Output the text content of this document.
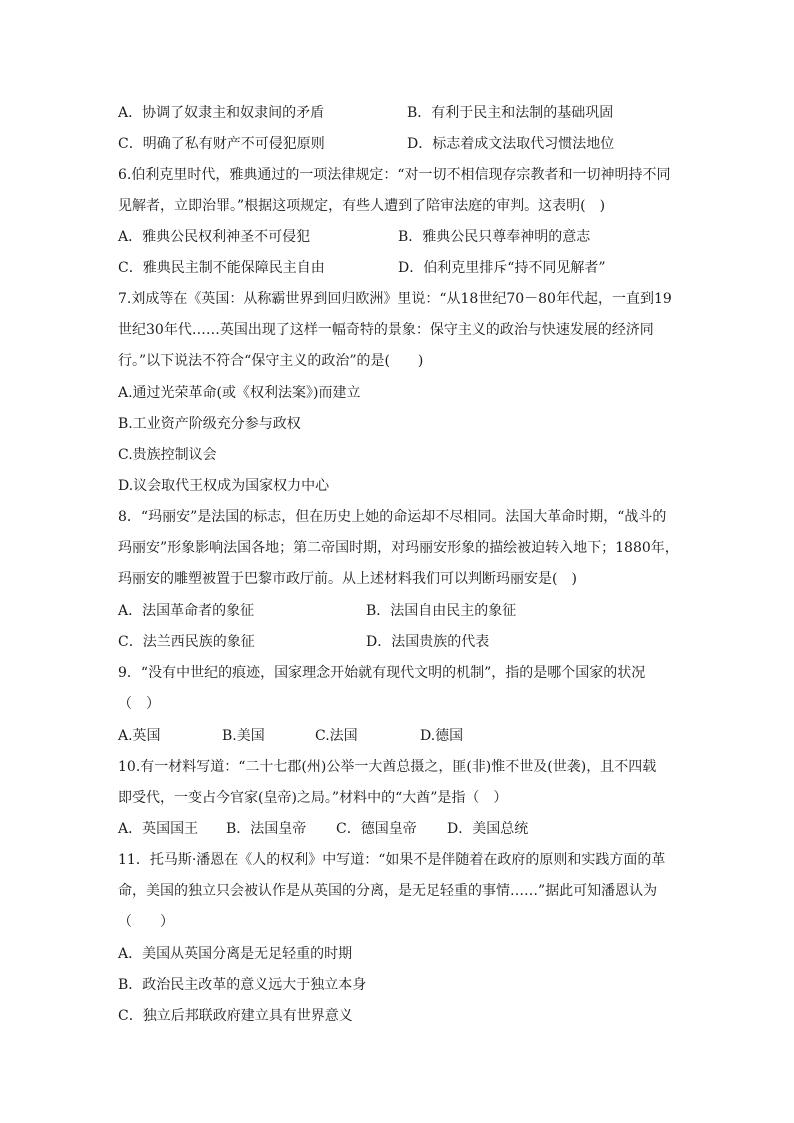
A．协调了奴隶主和奴隶间的矛盾	B．有利于民主和法制的基础巩固
C．明确了私有财产不可侵犯原则	D．标志着成文法取代习惯法地位
6.伯利克里时代，雅典通过的一项法律规定：“对一切不相信现存宗教者和一切神明持不同
见解者，立即治罪。”根据这项规定，有些人遭到了陪审法庭的审判。这表明(　)
A．雅典公民权利神圣不可侵犯	B．雅典公民只尊奉神明的意志
C．雅典民主制不能保障民主自由	D．伯利克里排斥“持不同见解者”
7.刘成等在《英国：从称霸世界到回归欧洲》里说：“从18世纪70－80年代起，一直到19
世纪30年代……英国出现了这样一幅奇特的景象：保守主义的政治与快速发展的经济同
行。”以下说法不符合“保守主义的政治”的是(　　)
A.通过光荣革命(或《权利法案》)而建立
B.工业资产阶级充分参与政权
C.贵族控制议会
D.议会取代王权成为国家权力中心
8．“玛丽安”是法国的标志，但在历史上她的命运却不尽相同。法国大革命时期，“战斗的
玛丽安”形象影响法国各地；第二帝国时期，对玛丽安形象的描绘被迫转入地下；1880年，
玛丽安的雕塑被置于巴黎市政厅前。从上述材料我们可以判断玛丽安是(　)
A．法国革命者的象征	B．法国自由民主的象征
C．法兰西民族的象征	D．法国贵族的代表
9．“没有中世纪的痕迹，国家理念开始就有现代文明的机制”，指的是哪个国家的状况
（　）
A.英国	B.美国	C.法国	D.德国
10.有一材料写道：“二十七郡(州)公举一大酋总摄之，匪(非)惟不世及(世袭)，且不四载
即受代，一变占今官家(皇帝)之局。”材料中的“大酋”是指（　）
A．英国国王 B．法国皇帝 C．德国皇帝 D．美国总统
11．托马斯·潘恩在《人的权利》中写道：“如果不是伴随着在政府的原则和实践方面的革
命，美国的独立只会被认作是从英国的分离，是无足轻重的事情……”据此可知潘恩认为
（　　）
A．美国从英国分离是无足轻重的时期
B．政治民主改革的意义远大于独立本身
C．独立后邦联政府建立具有世界意义
